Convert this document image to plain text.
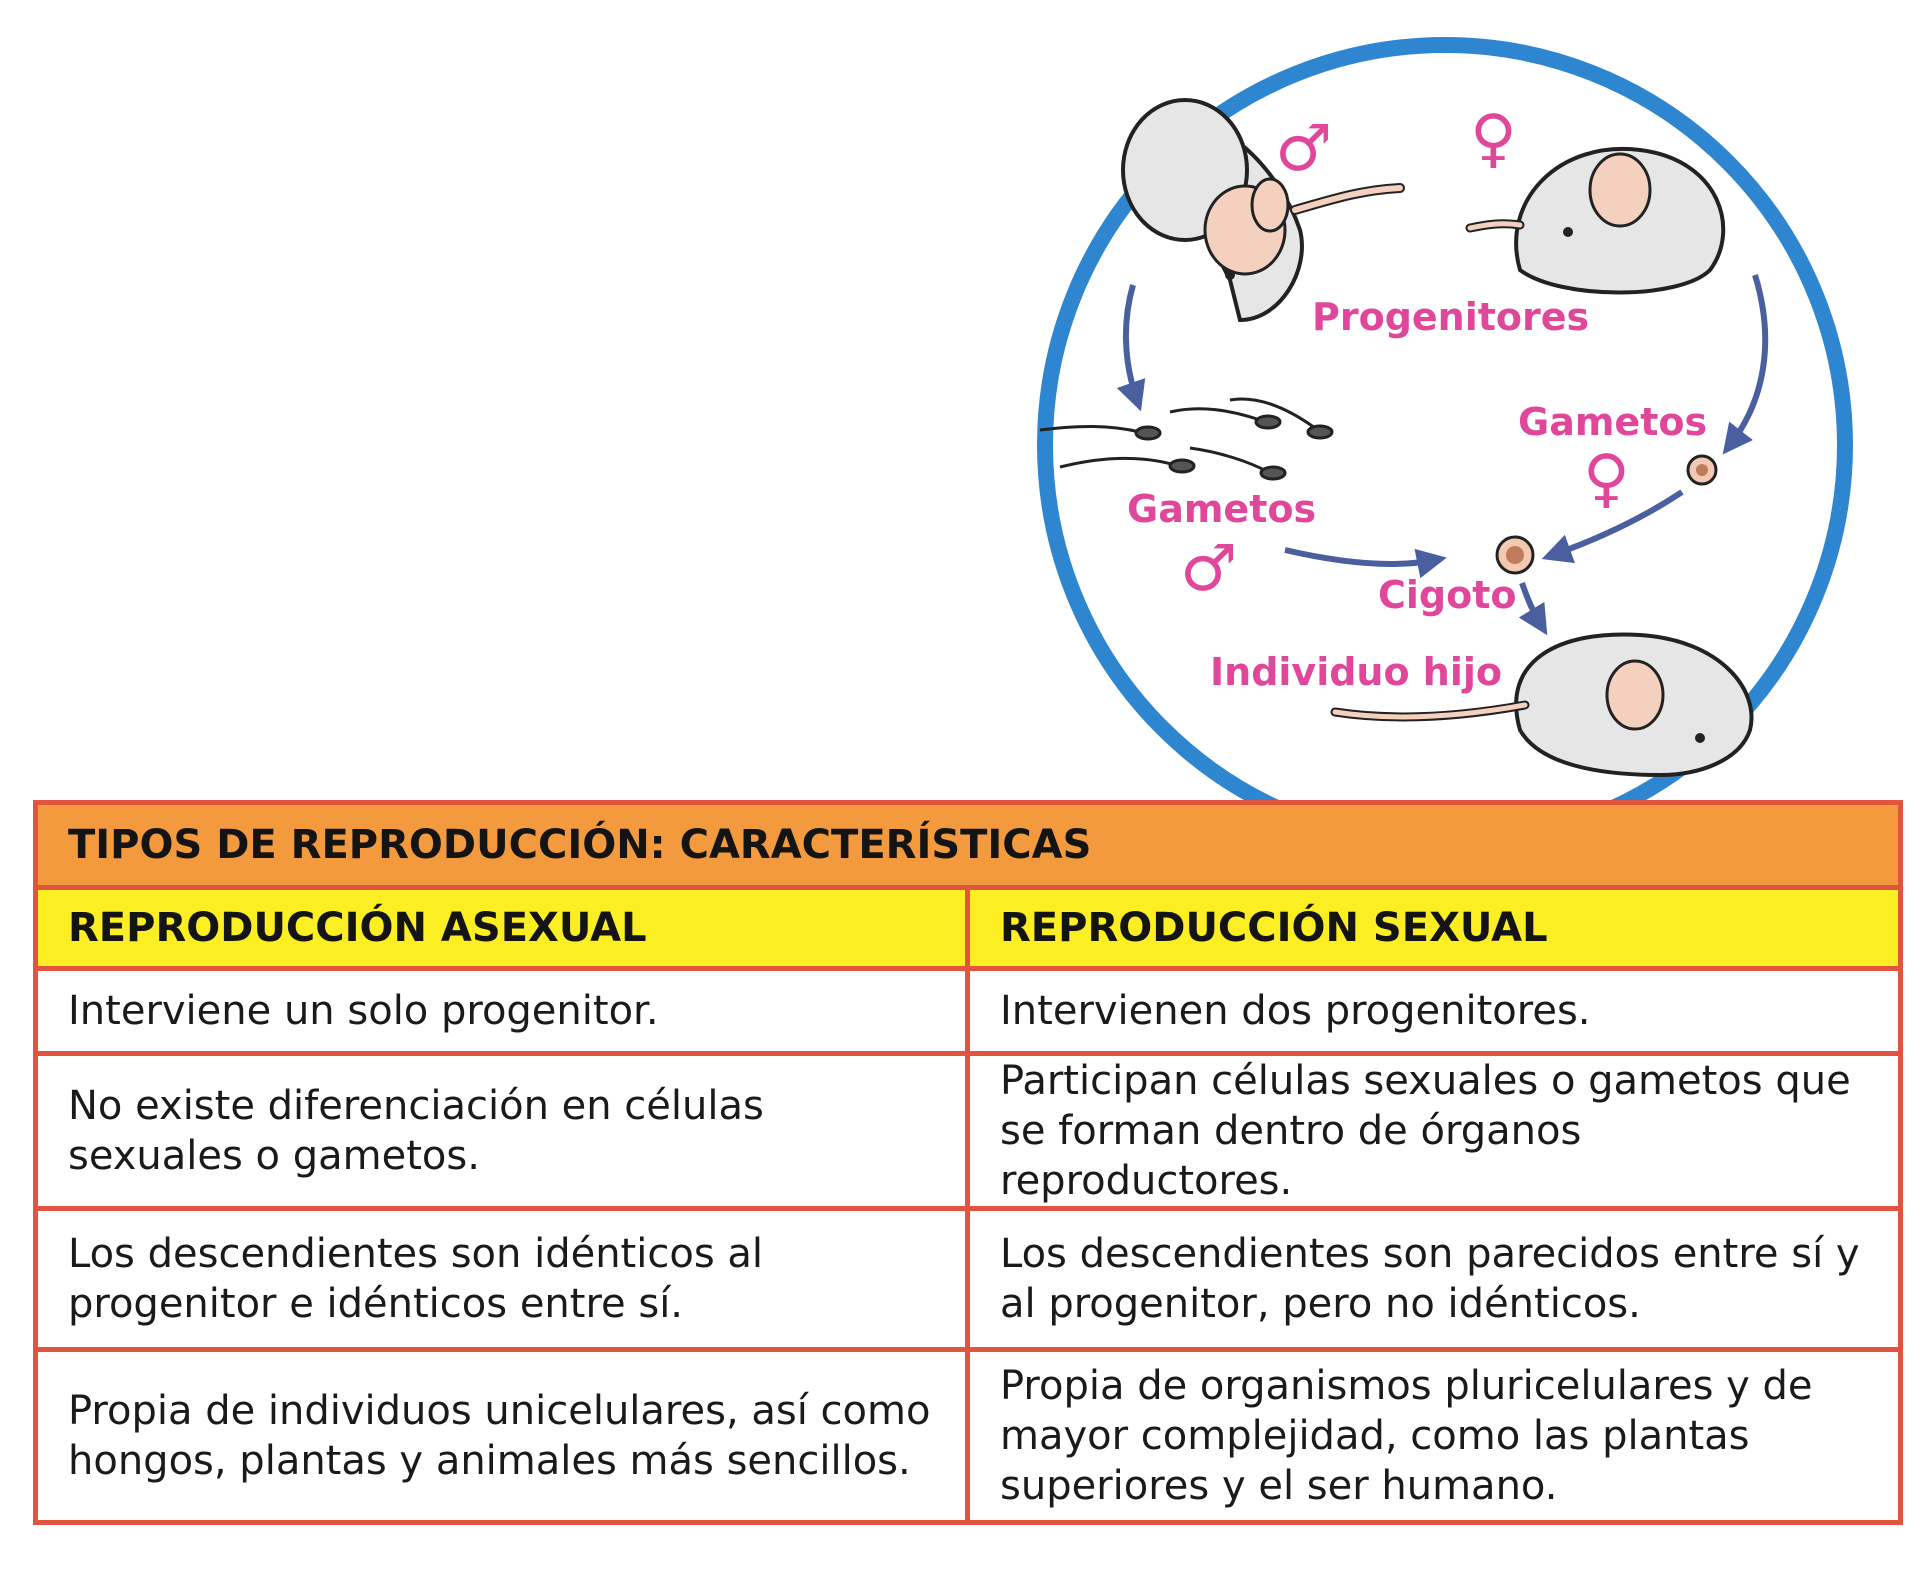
♂ ♀
Progenitores
Gametos
♀
Gametos
♂	Cigoto
Individuo hijo
TIPOS DE REPRODUCCIÓN: CARACTERÍSTICAS	
REPRODUCCIÓN ASEXUAL	REPRODUCCIÓN SEXUAL
Interviene un solo progenitor.	Intervienen dos progenitores.
No existe diferenciación en células sexuales o gametos.	Participan células sexuales o gametos que se forman dentro de órganos reproductores.
Los descendientes son idénticos al progenitor e idénticos entre sí.	Los descendientes son parecidos entre sí y al progenitor, pero no idénticos.
Propia de individuos unicelulares, así como hongos, plantas y animales más sencillos.	Propia de organismos pluricelulares y de mayor complejidad, como las plantas superiores y el ser humano.
